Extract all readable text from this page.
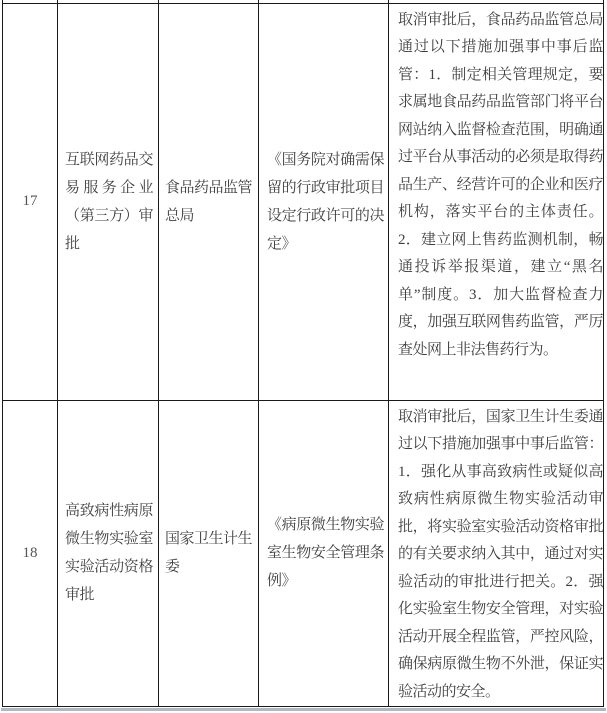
17	互联网药品交易服务企业（第三方）审批	食品药品监管总局	《国务院对确需保留的行政审批项目设定行政许可的决定》	取消审批后，食品药品监管总局通过以下措施加强事中事后监管：1．制定相关管理规定，要求属地食品药品监管部门将平台网站纳入监督检查范围，明确通过平台从事活动的必须是取得药品生产、经营许可的企业和医疗机构，落实平台的主体责任。2．建立网上售药监测机制，畅通投诉举报渠道，建立“黑名单”制度。3．加大监督检查力度，加强互联网售药监管，严厉查处网上非法售药行为。
18	高致病性病原微生物实验室实验活动资格审批	国家卫生计生委	《病原微生物实验室生物安全管理条例》	取消审批后，国家卫生计生委通过以下措施加强事中事后监管：1．强化从事高致病性或疑似高致病性病原微生物实验活动审批，将实验室实验活动资格审批的有关要求纳入其中，通过对实验活动的审批进行把关。2．强化实验室生物安全管理，对实验活动开展全程监管，严控风险，确保病原微生物不外泄，保证实验活动的安全。
